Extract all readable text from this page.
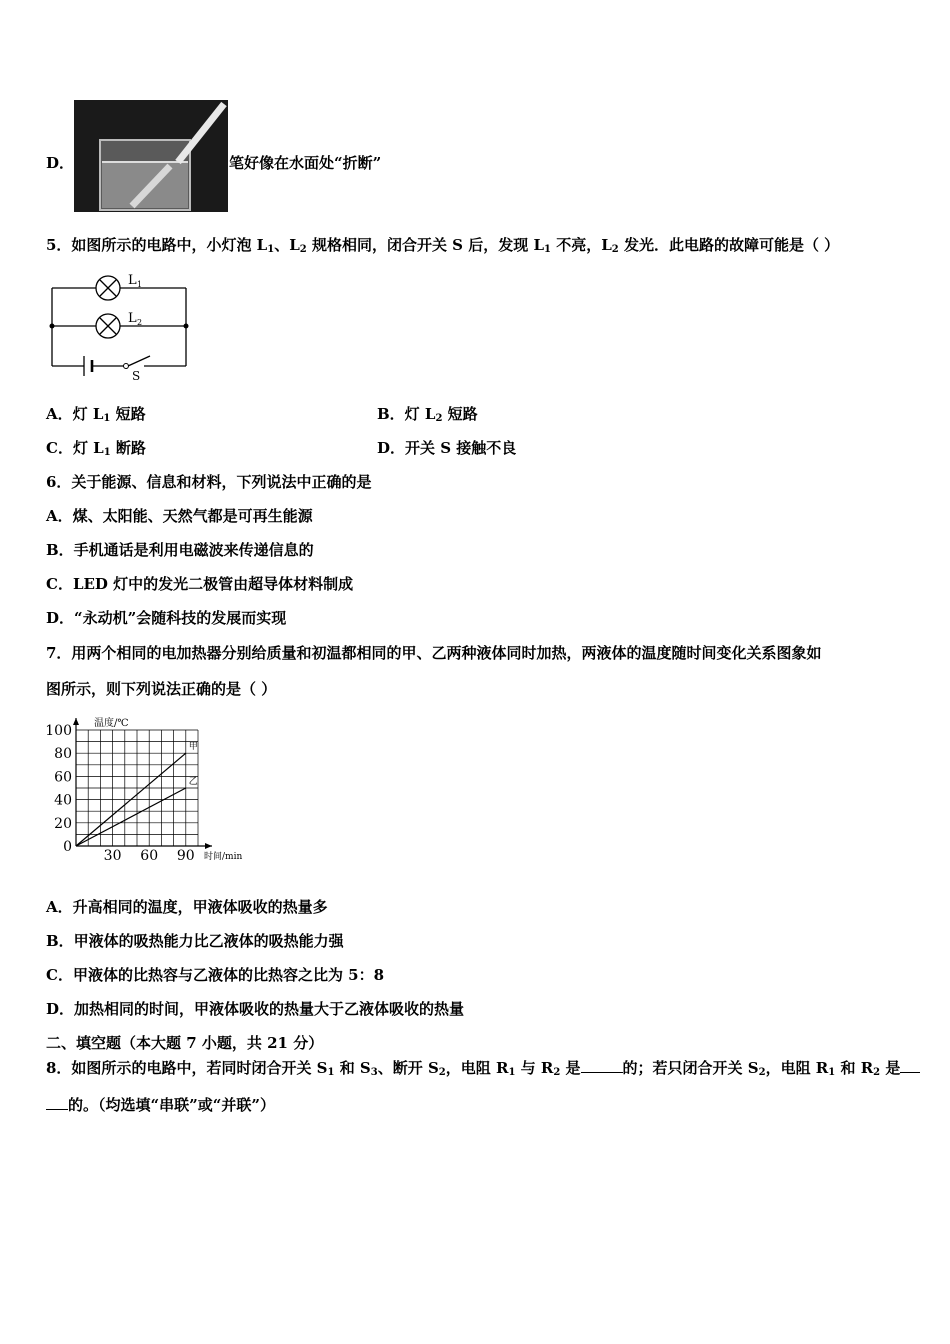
D．	笔好像在水面处“折断”
5．如图所示的电路中，小灯泡 $L_1$、$L_2$ 规格相同，闭合开关 S 后，发现 $L_1$ 不亮，$L_2$ 发光．此电路的故障可能是（ ）
L 1
L 2
S
A．灯 $L_1$ 短路	B．灯 $L_2$ 短路
C．灯 $L_1$ 断路	D．开关 S 接触不良
6．关于能源、信息和材料，下列说法中正确的是
A．煤、太阳能、天然气都是可再生能源
B．手机通话是利用电磁波来传递信息的
C．LED 灯中的发光二极管由超导体材料制成
D．“永动机”会随科技的发展而实现
7．用两个相同的电加热器分别给质量和初温都相同的甲、乙两种液体同时加热，两液体的温度随时间变化关系图象如
图所示，则下列说法正确的是（ ）
甲
乙
0
20
40
60
80
100
30 60 90
温度/℃
时间/min
A．升高相同的温度，甲液体吸收的热量多
B．甲液体的吸热能力比乙液体的吸热能力强
C．甲液体的比热容与乙液体的比热容之比为 5：8
D．加热相同的时间，甲液体吸收的热量大于乙液体吸收的热量
二、填空题（本大题 7 小题，共 21 分）
8．如图所示的电路中，若同时闭合开关 $S_1$ 和 $S_3$、断开 $S_2$，电阻 $R_1$ 与 $R_2$ 是	的；若只闭合开关 $S_2$，电阻 $R_1$ 和 $R_2$ 是
的。（均选填“串联”或“并联”）
